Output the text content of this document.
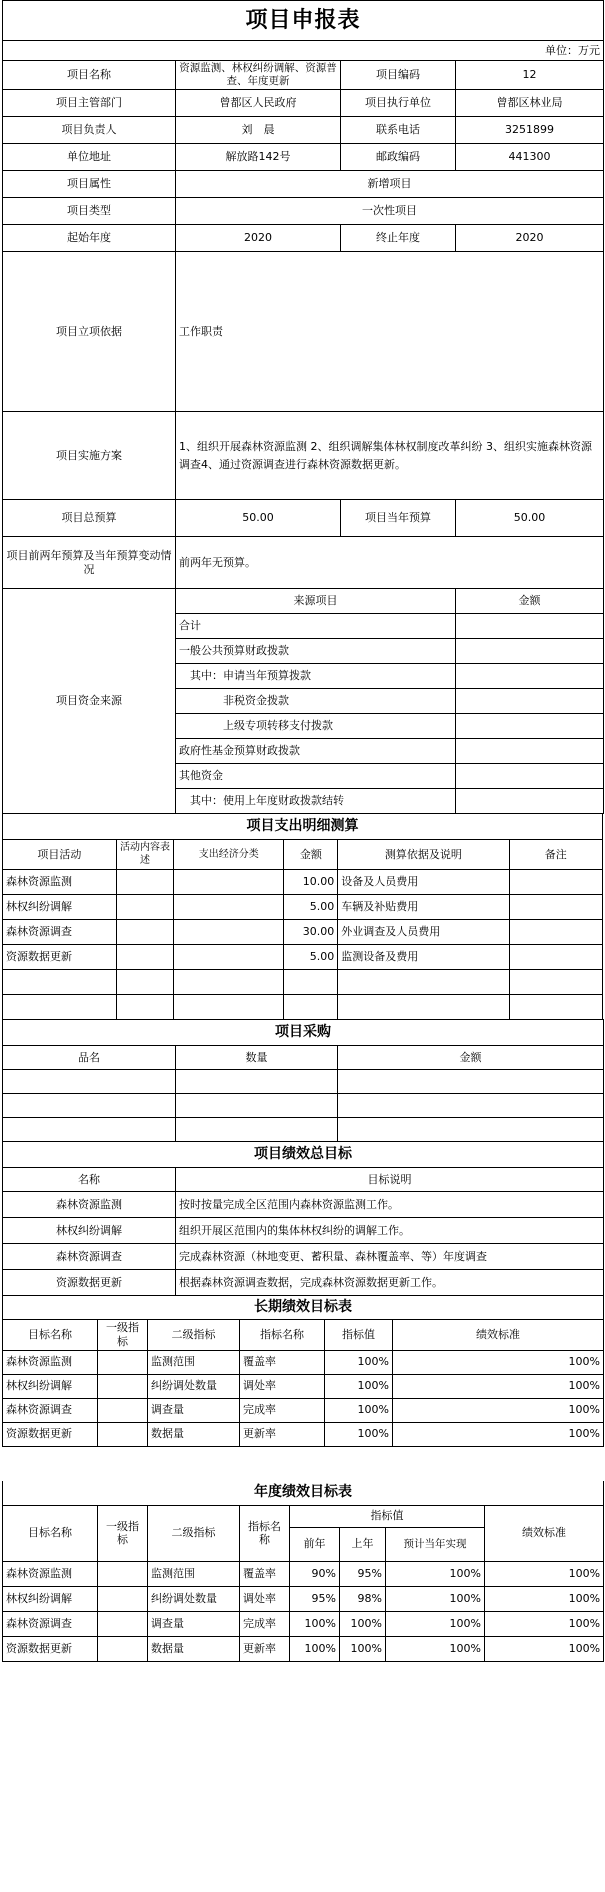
项目申报表			
单位：万元			
项目名称	资源监测、林权纠纷调解、资源普查、年度更新	项目编码	12
项目主管部门	曾都区人民政府	项目执行单位	曾都区林业局
项目负责人	刘　晨	联系电话	3251899
单位地址	解放路142号	邮政编码	441300
项目属性	新增项目		
项目类型	一次性项目		
起始年度	2020	终止年度	2020
项目立项依据	工作职责		
项目实施方案	1、组织开展森林资源监测 2、组织调解集体林权制度改革纠纷 3、组织实施森林资源调查4、通过资源调查进行森林资源数据更新。		
项目总预算	50.00	项目当年预算	50.00
项目前两年预算及当年预算变动情况	前两年无预算。		
项目资金来源	来源项目	金额
	合计	
	一般公共预算财政拨款	
	　其中：申请当年预算拨款	
	　　　　非税资金拨款	
	　　　　上级专项转移支付拨款	
	政府性基金预算财政拨款	
	其他资金	
	　其中：使用上年度财政拨款结转	
项目支出明细测算					
项目活动	活动内容表述	支出经济分类	金额	测算依据及说明	备注
森林资源监测			10.00	设备及人员费用	
林权纠纷调解			5.00	车辆及补贴费用	
森林资源调查			30.00	外业调查及人员费用	
资源数据更新			5.00	监测设备及费用	

项目采购		
品名	数量	金额

项目绩效总目标	
名称	目标说明
森林资源监测	按时按量完成全区范围内森林资源监测工作。
林权纠纷调解	组织开展区范围内的集体林权纠纷的调解工作。
森林资源调查	完成森林资源（林地变更、蓄积量、森林覆盖率、等）年度调查
资源数据更新	根据森林资源调查数据，完成森林资源数据更新工作。
长期绩效目标表					
目标名称	一级指标	二级指标	指标名称	指标值	绩效标准
森林资源监测		监测范围	覆盖率	100%	100%
林权纠纷调解		纠纷调处数量	调处率	100%	100%
森林资源调查		调查量	完成率	100%	100%
资源数据更新		数据量	更新率	100%	100%

年度绩效目标表							
目标名称	一级指标	二级指标	指标名称	指标值			绩效标准
				前年	上年	预计当年实现	
森林资源监测		监测范围	覆盖率	90%	95%	100%	100%
林权纠纷调解		纠纷调处数量	调处率	95%	98%	100%	100%
森林资源调查		调查量	完成率	100%	100%	100%	100%
资源数据更新		数据量	更新率	100%	100%	100%	100%
